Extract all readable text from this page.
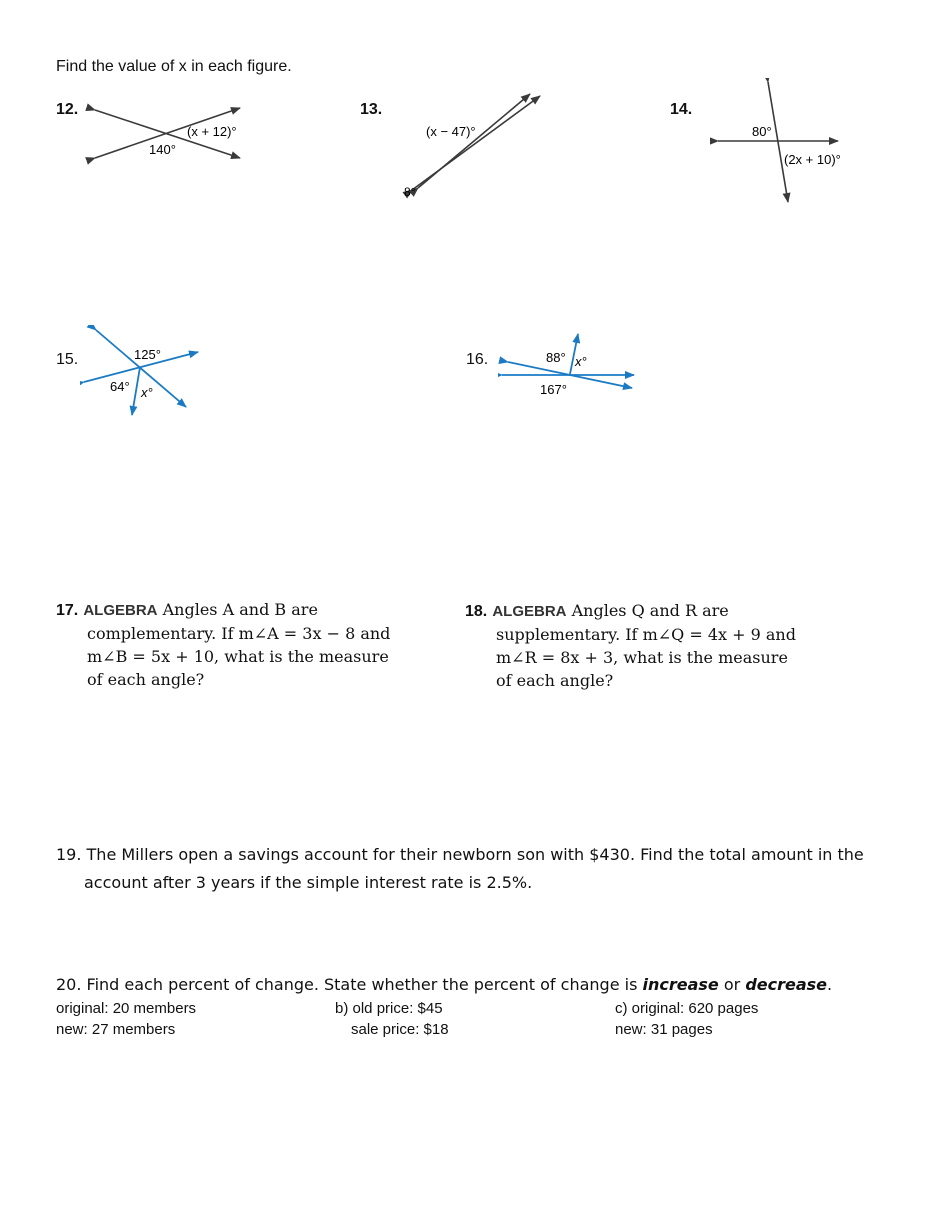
Find the value of x in each figure.
12.
(x + 12)°
140°
13.
(x − 47)°
8°
14.
80°
(2x + 10)°
15.	125°
64° x°
16.	88° x°
167°
17. ALGEBRA Angles A and B are
complementary. If m∠A = 3x − 8 and
m∠B = 5x + 10, what is the measure
of each angle?
18. ALGEBRA Angles Q and R are
supplementary. If m∠Q = 4x + 9 and
m∠R = 8x + 3, what is the measure
of each angle?
19. The Millers open a savings account for their newborn son with $430. Find the total amount in the
account after 3 years if the simple interest rate is 2.5%.
20. Find each percent of change. State whether the percent of change is increase or decrease.
original: 20 members
new: 27 members
b) old price: $45
sale price: $18
c) original: 620 pages
new: 31 pages
